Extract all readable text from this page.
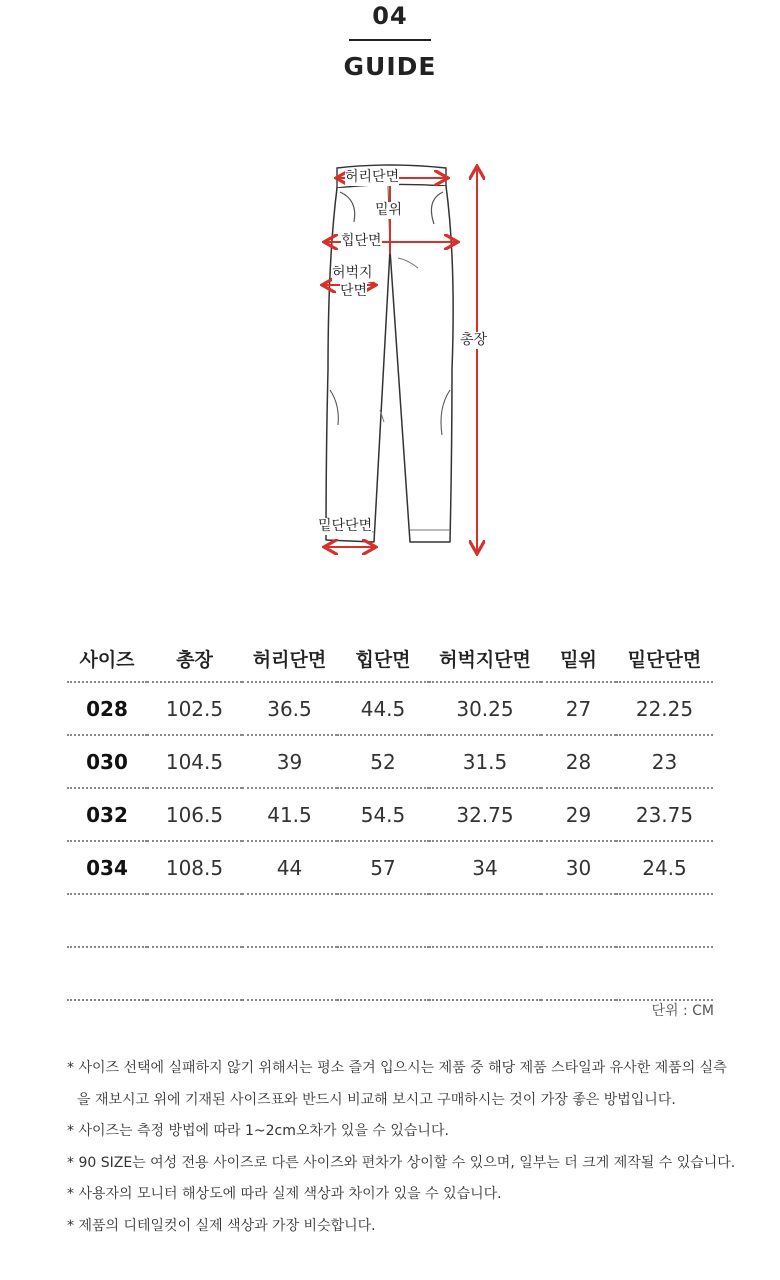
04
GUIDE
허리단면
밑위
힙단면
허벅지
단면
총장
밑단단면
사이즈	총장	허리단면	힙단면	허벅지단면	밑위	밑단단면
028	102.5	36.5	44.5	30.25	27	22.25
030	104.5	39	52	31.5	28	23
032	106.5	41.5	54.5	32.75	29	23.75
034	108.5	44	57	34	30	24.5

단위 : CM
* 사이즈 선택에 실패하지 않기 위해서는 평소 즐겨 입으시는 제품 중 해당 제품 스타일과 유사한 제품의 실측
을 재보시고 위에 기재된 사이즈표와 반드시 비교해 보시고 구매하시는 것이 가장 좋은 방법입니다.
* 사이즈는 측정 방법에 따라 1~2cm오차가 있을 수 있습니다.
* 90 SIZE는 여성 전용 사이즈로 다른 사이즈와 편차가 상이할 수 있으며, 일부는 더 크게 제작될 수 있습니다.
* 사용자의 모니터 해상도에 따라 실제 색상과 차이가 있을 수 있습니다.
* 제품의 디테일컷이 실제 색상과 가장 비슷합니다.
